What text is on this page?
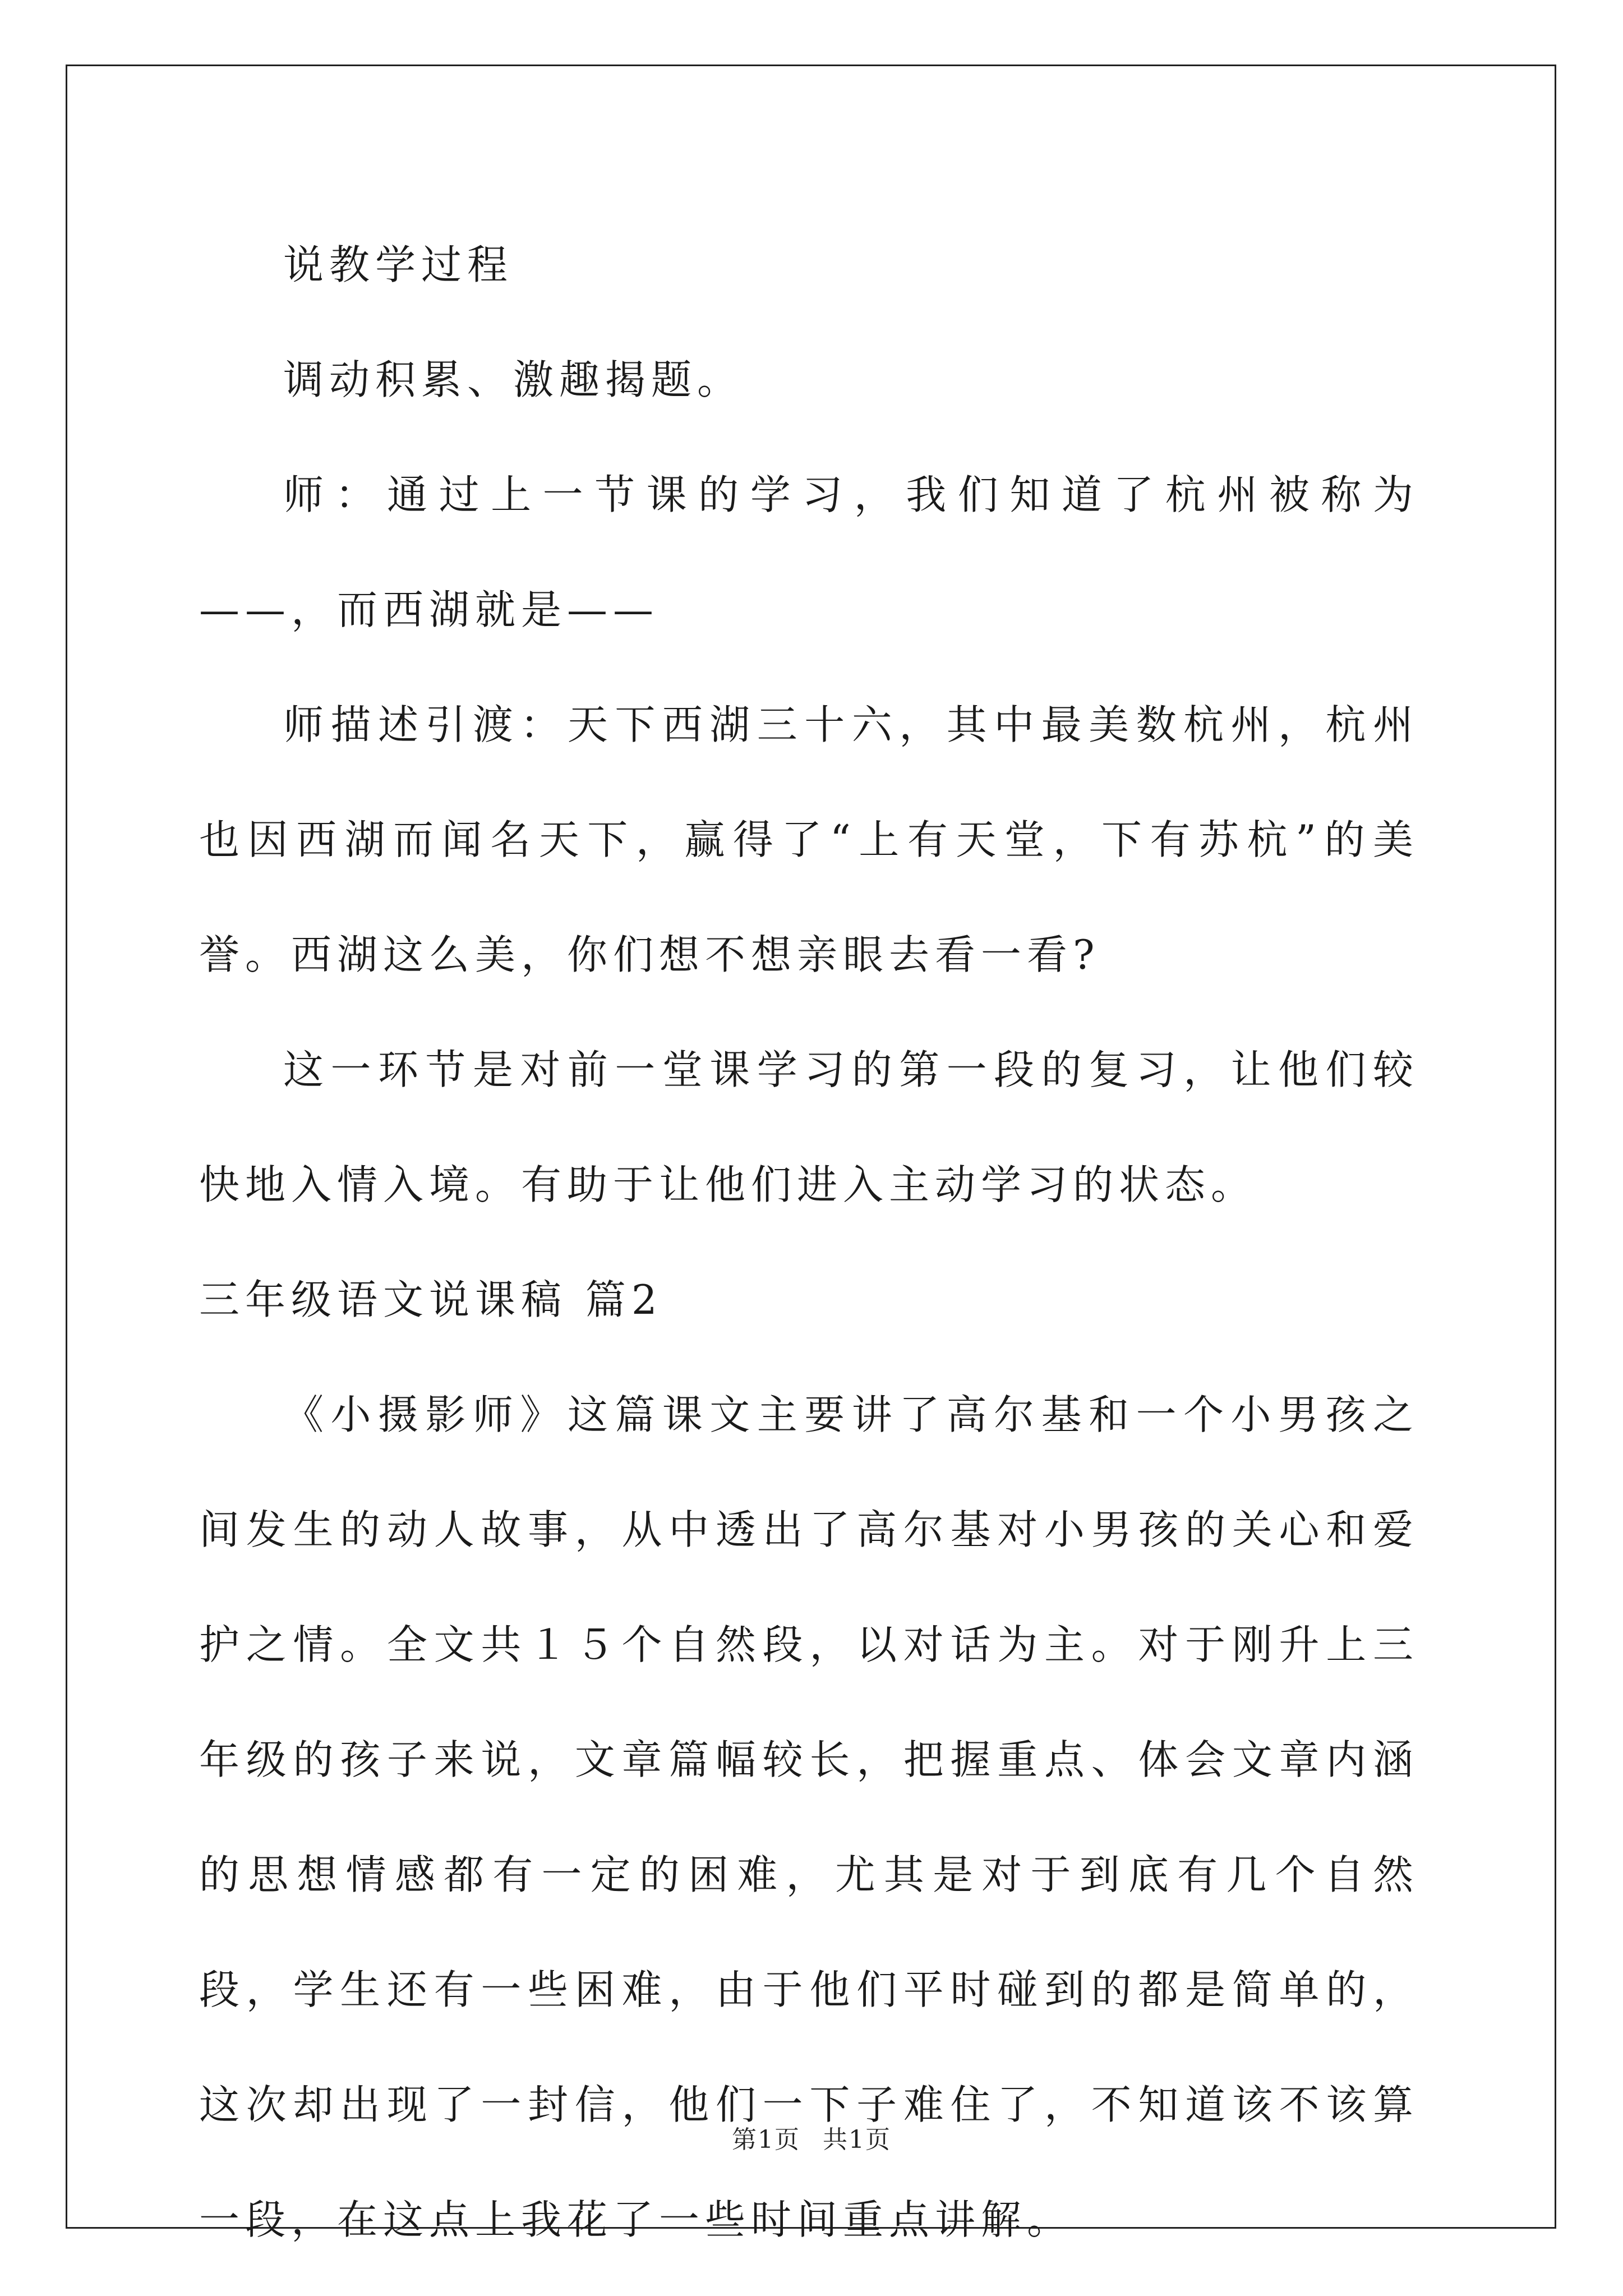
说教学过程

调动积累、激趣揭题。

师：通过上一节课的学习，我们知道了杭州被称为——，而西湖就是——

师描述引渡：天下西湖三十六，其中最美数杭州，杭州也因西湖而闻名天下，赢得了“上有天堂，下有苏杭”的美誉。西湖这么美，你们想不想亲眼去看一看?

这一环节是对前一堂课学习的第一段的复习，让他们较快地入情入境。有助于让他们进入主动学习的状态。

三年级语文说课稿 篇2

《小摄影师》这篇课文主要讲了高尔基和一个小男孩之间发生的动人故事，从中透出了高尔基对小男孩的关心和爱护之情。全文共１５个自然段，以对话为主。对于刚升上三年级的孩子来说，文章篇幅较长，把握重点、体会文章内涵的思想情感都有一定的困难，尤其是对于到底有几个自然段，学生还有一些困难，由于他们平时碰到的都是简单的，这次却出现了一封信，他们一下子难住了，不知道该不该算一段，在这点上我花了一些时间重点讲解。

第1页 共1页
